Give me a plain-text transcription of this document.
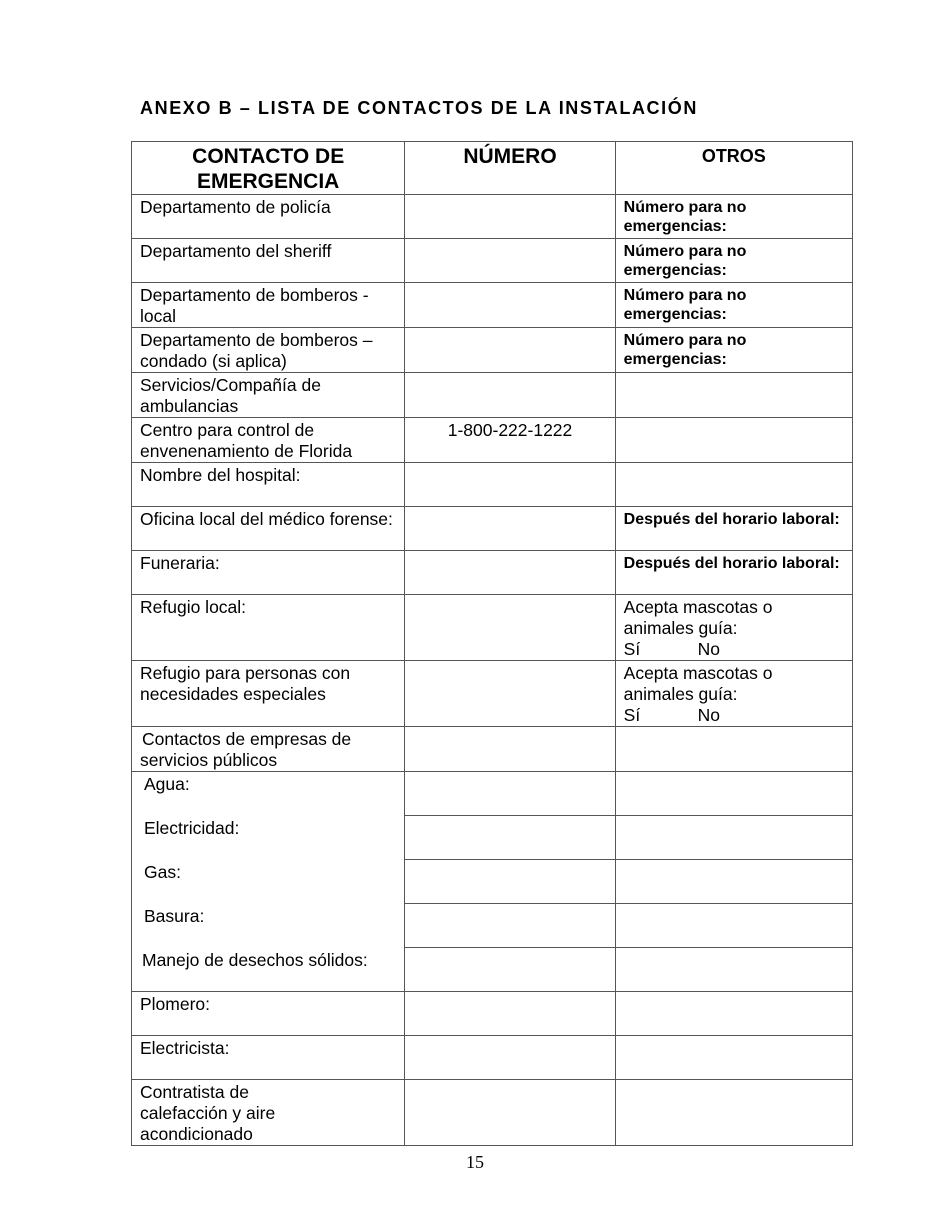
ANEXO B – LISTA DE CONTACTOS DE LA INSTALACIÓN
CONTACTO DE EMERGENCIA	NÚMERO	OTROS
Departamento de policía		Número para no emergencias:
Departamento del sheriff		Número para no emergencias:
Departamento de bomberos - local		Número para no emergencias:
Departamento de bomberos – condado (si aplica)		Número para no emergencias:
Servicios/Compañía de ambulancias		
Centro para control de envenenamiento de Florida	1-800-222-1222	
Nombre del hospital:		
Oficina local del médico forense:		Después del horario laboral:
Funeraria:		Después del horario laboral:
Refugio local:		Acepta mascotas o animales guía:
Sí No

Refugio para personas con necesidades especiales		Acepta mascotas o animales guía:
Sí No

Contactos de empresas de servicios públicos		
Agua:		
Electricidad:		
Gas:		
Basura:		
Manejo de desechos sólidos:		
Plomero:		
Electricista:		

Contratista de calefacción y aire acondicionado		

15
